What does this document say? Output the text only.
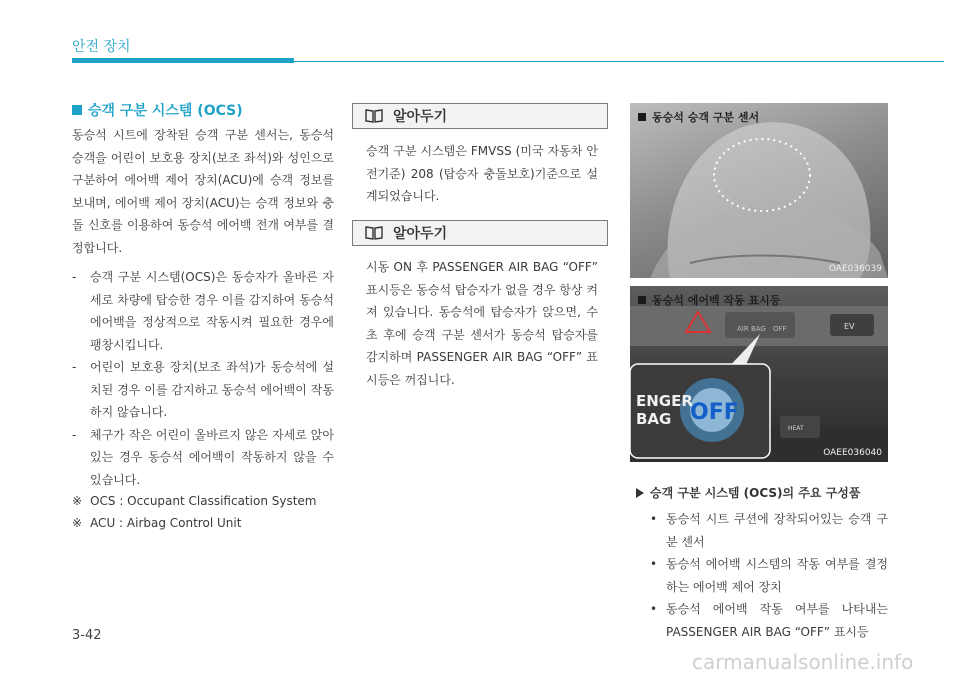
안전 장치
승객 구분 시스템 (OCS)
동승석 시트에 장착된 승객 구분 센서는, 동승석 승객을 어린이 보호용 장치(보조 좌석)와 성인으로 구분하여 에어백 제어 장치(ACU)에 승객 정보를 보내며, 에어백 제어 장치(ACU)는 승객 정보와 충돌 신호를 이용하여 동승석 에어백 전개 여부를 결정합니다.
- 승객 구분 시스템(OCS)은 동승자가 올바른 자세로 차량에 탑승한 경우 이를 감지하여 동승석 에어백을 정상적으로 작동시켜 필요한 경우에 팽창시킵니다.
- 어린이 보호용 장치(보조 좌석)가 동승석에 설치된 경우 이를 감지하고 동승석 에어백이 작동하지 않습니다.
- 체구가 작은 어린이 올바르지 않은 자세로 앉아 있는 경우 동승석 에어백이 작동하지 않을 수 있습니다.
※ OCS : Occupant Classification System
※ ACU : Airbag Control Unit
알아두기
승객 구분 시스템은 FMVSS (미국 자동차 안전기준) 208 (탑승자 충돌보호)기준으로 설계되었습니다.
알아두기
시동 ON 후 PASSENGER AIR BAG “OFF” 표시등은 동승석 탑승자가 없을 경우 항상 켜져 있습니다. 동승석에 탑승자가 앉으면, 수초 후에 승객 구분 센서가 동승석 탑승자를 감지하며 PASSENGER AIR BAG “OFF” 표시등은 꺼집니다.
동승석 승객 구분 센서
OAE036039
AIR BAG OFF	EV
HEAT
ENGER
BAG OFF
동승석 에어백 작동 표시등
OAEE036040
승객 구분 시스템 (OCS)의 주요 구성품
• 동승석 시트 쿠션에 장착되어있는 승객 구분 센서
• 동승석 에어백 시스템의 작동 여부를 결정하는 에어백 제어 장치
• 동승석 에어백 작동 여부를 나타내는 PASSENGER AIR BAG “OFF” 표시등
3-42
carmanualsonline.info
